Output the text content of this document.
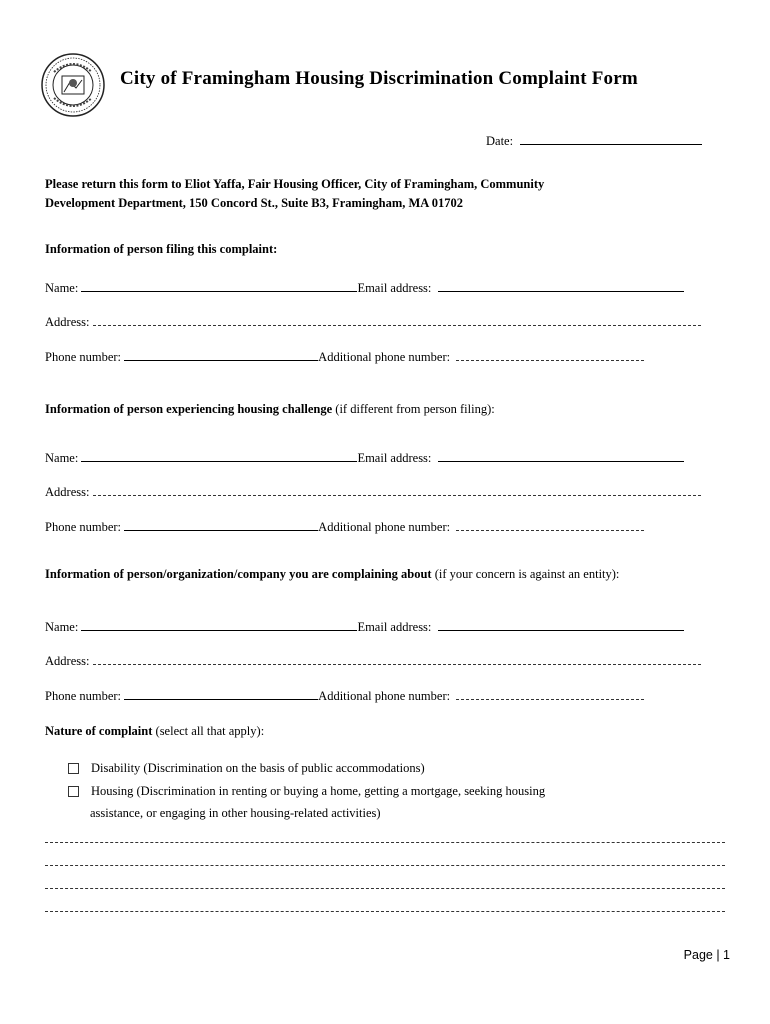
City of Framingham Housing Discrimination Complaint Form
Date:
Please return this form to Eliot Yaffa, Fair Housing Officer, City of Framingham, Community
Development Department, 150 Concord St., Suite B3, Framingham, MA 01702
Information of person filing this complaint:
Name:	Email address:
Address:
Phone number:	Additional phone number:
Information of person experiencing housing challenge (if different from person filing):
Name:	Email address:
Address:
Phone number:	Additional phone number:
Information of person/organization/company you are complaining about (if your concern is against an entity):
Name:	Email address:
Address:
Phone number:	Additional phone number:
Nature of complaint (select all that apply):
Disability (Discrimination on the basis of public accommodations)
Housing (Discrimination in renting or buying a home, getting a mortgage, seeking housing
assistance, or engaging in other housing-related activities)
Page | 1
